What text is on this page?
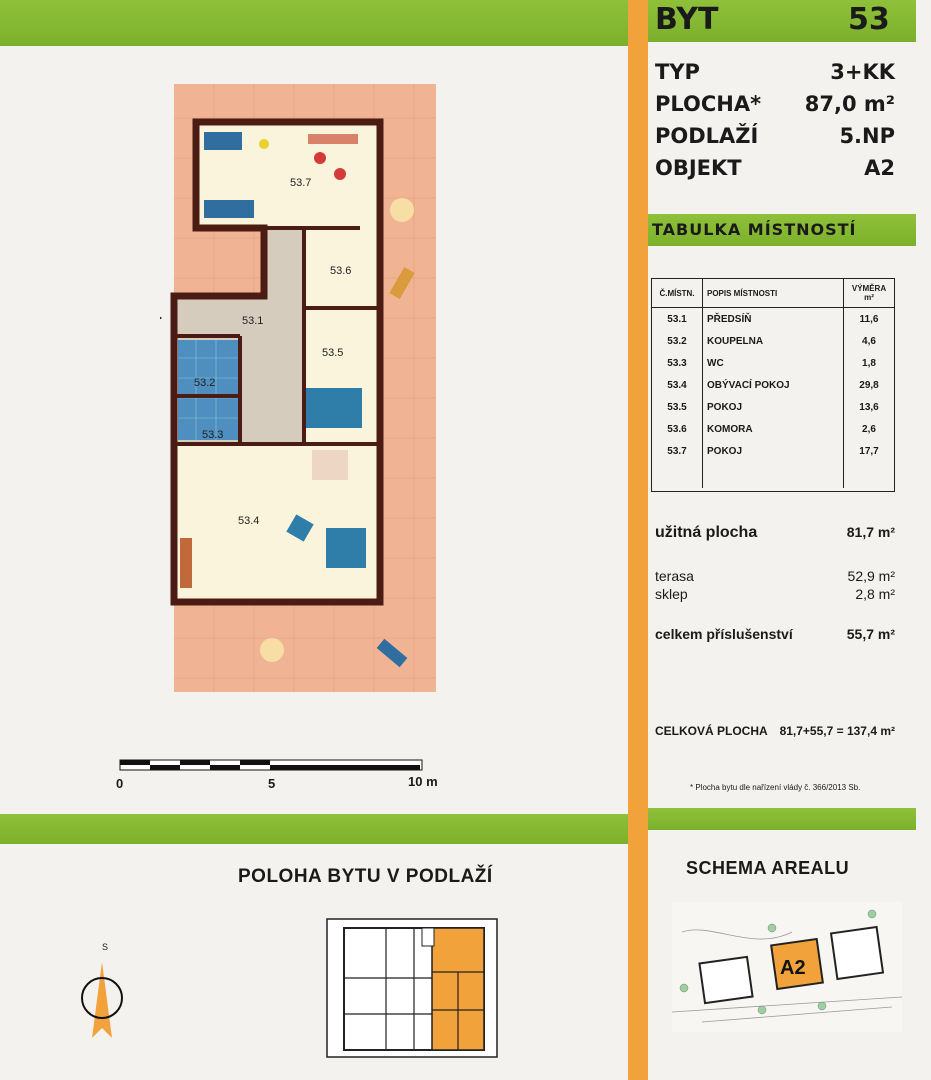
BYT	53
TYP	3+KK
PLOCHA* 87,0 m²
PODLAŽÍ	5.NP
OBJEKT	A2
TABULKA MÍSTNOSTÍ
Č.MÍSTN.	POPIS MÍSTNOSTI	VÝMĚRA m²
53.1	PŘEDSÍŇ	11,6
53.2	KOUPELNA	4,6
53.3	WC	1,8
53.4	OBÝVACÍ POKOJ	29,8
53.5	POKOJ	13,6
53.6	KOMORA	2,6
53.7	POKOJ	17,7

užitná plocha	81,7 m²
terasa	52,9 m²
sklep	2,8 m²
celkem příslušenství	55,7 m²
CELKOVÁ PLOCHA 81,7+55,7 = 137,4 m²
* Plocha bytu dle nařízení vlády č. 366/2013 Sb.
53.7
53.6
53.1
53.5
53.2
53.3
53.4
0	5	10 m
POLOHA BYTU V PODLAŽÍ	SCHEMA AREALU
S
A2
